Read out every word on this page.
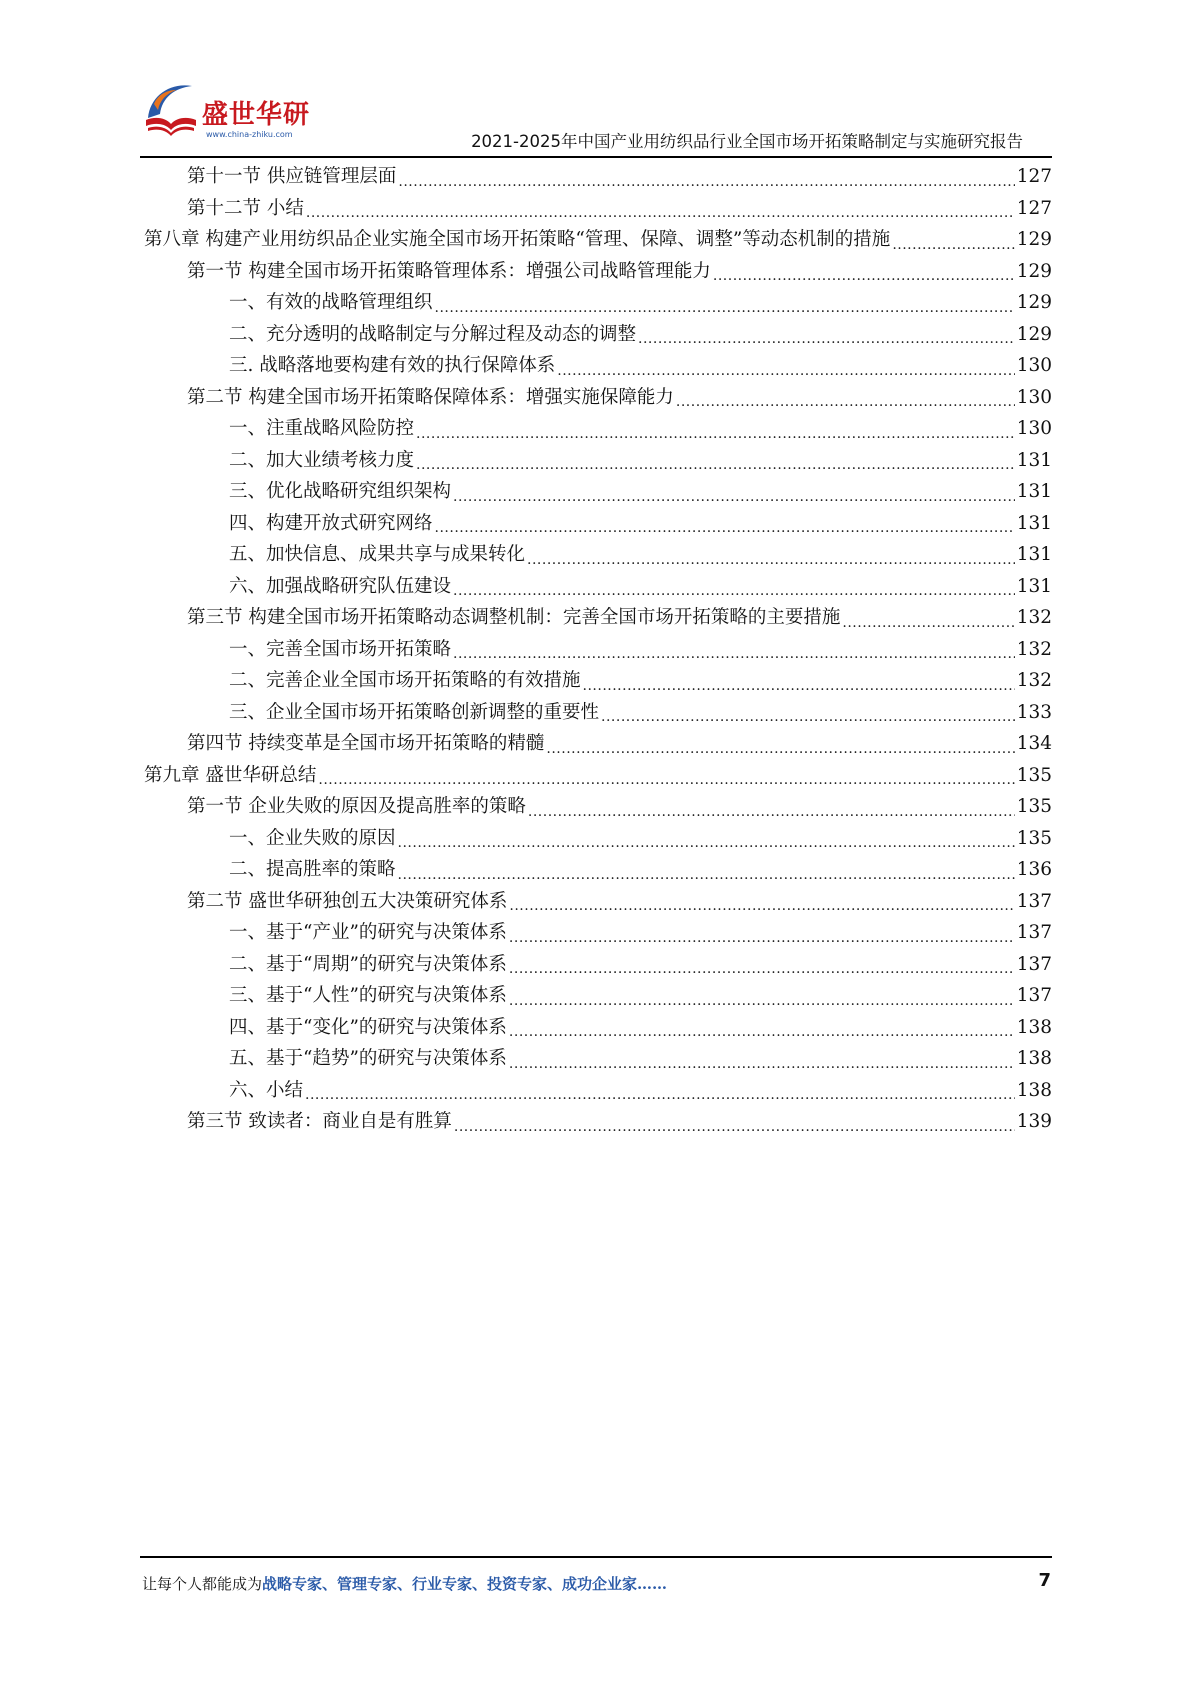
盛世华研
www.china-zhiku.com	2021-2025年中国产业用纺织品行业全国市场开拓策略制定与实施研究报告
第十一节 供应链管理层面 .....	127
第十二节 小结 .....	127
第八章 构建产业用纺织品企业实施全国市场开拓策略“管理、保障、调整”等动态机制的措施 .....	129
第一节 构建全国市场开拓策略管理体系：增强公司战略管理能力 .....	129
一、有效的战略管理组织 .....	129
二、充分透明的战略制定与分解过程及动态的调整 .....	129
三. 战略落地要构建有效的执行保障体系 .....	130
第二节 构建全国市场开拓策略保障体系：增强实施保障能力 .....	130
一、注重战略风险防控 .....	130
二、加大业绩考核力度 .....	131
三、优化战略研究组织架构 .....	131
四、构建开放式研究网络 .....	131
五、加快信息、成果共享与成果转化 .....	131
六、加强战略研究队伍建设 .....	131
第三节 构建全国市场开拓策略动态调整机制：完善全国市场开拓策略的主要措施 .....	132
一、完善全国市场开拓策略 .....	132
二、完善企业全国市场开拓策略的有效措施 .....	132
三、企业全国市场开拓策略创新调整的重要性 .....	133
第四节 持续变革是全国市场开拓策略的精髓 .....	134
第九章 盛世华研总结 .....	135
第一节 企业失败的原因及提高胜率的策略 .....	135
一、企业失败的原因 .....	135
二、提高胜率的策略 .....	136
第二节 盛世华研独创五大决策研究体系 .....	137
一、基于“产业”的研究与决策体系 .....	137
二、基于“周期”的研究与决策体系 .....	137
三、基于“人性”的研究与决策体系 .....	137
四、基于“变化”的研究与决策体系 .....	138
五、基于“趋势”的研究与决策体系 .....	138
六、小结 .....	138
第三节 致读者：商业自是有胜算 .....	139
让每个人都能成为战略专家、管理专家、行业专家、投资专家、成功企业家……	7
